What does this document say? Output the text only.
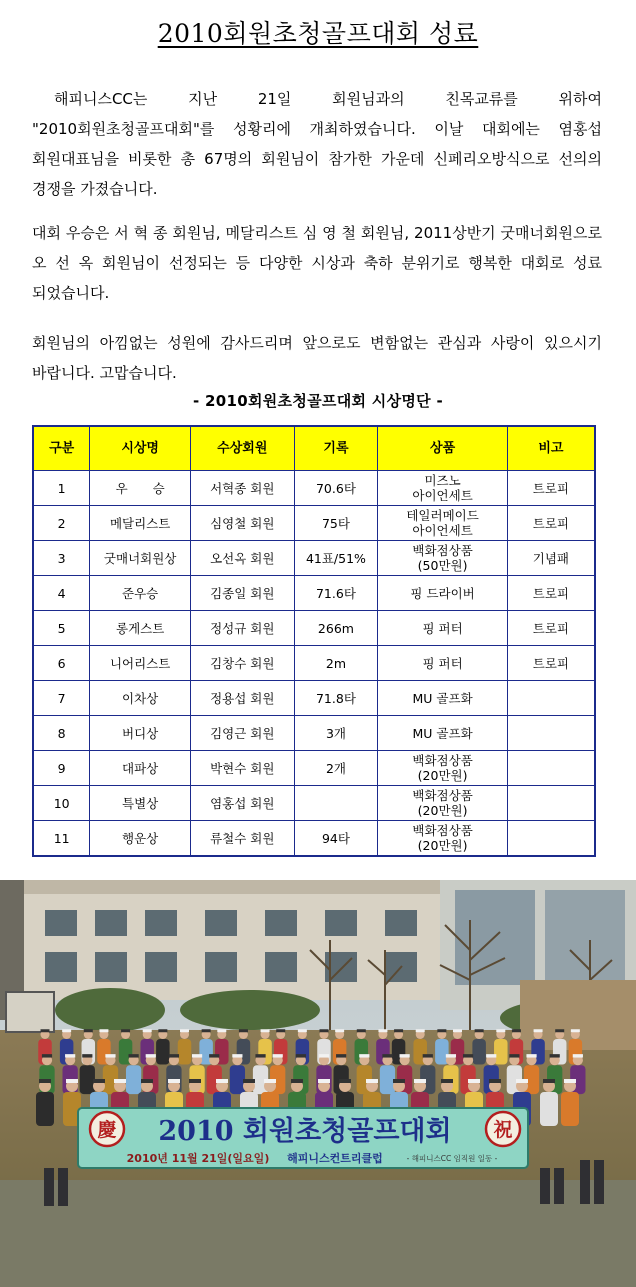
2010회원초청골프대회 성료
해피니스CC는 지난 21일 회원님과의 친목교류를 위하여 "2010회원초청골프대회"를 성황리에 개최하였습니다. 이날 대회에는 염홍섭 회원대표님을 비롯한 총 67명의 회원님이 참가한 가운데 신페리오방식으로 선의의 경쟁을 가졌습니다.
대회 우승은 서 혁 종 회원님, 메달리스트 심 영 철 회원님, 2011상반기 굿매너회원으로 오 선 옥 회원님이 선정되는 등 다양한 시상과 축하 분위기로 행복한 대회로 성료 되었습니다.
회원님의 아낌없는 성원에 감사드리며 앞으로도 변함없는 관심과 사랑이 있으시기 바랍니다. 고맙습니다.
- 2010회원초청골프대회 시상명단 -
구분	시상명	수상회원	기록	상품	비고
1	우　　승	서혁종 회원	70.6타	미즈노
아이언세트	트로피
2	메달리스트	심영철 회원	75타	테일러메이드
아이언세트	트로피
3	굿매너회원상	오선옥 회원	41표/51%	백화점상품
(50만원)	기념패
4	준우승	김종일 회원	71.6타	핑 드라이버	트로피
5	롱게스트	정성규 회원	266m	핑 퍼터	트로피
6	니어리스트	김창수 회원	2m	핑 퍼터	트로피
7	이차상	정용섭 회원	71.8타	MU 골프화	
8	버디상	김영근 회원	3개	MU 골프화	
9	대파상	박현수 회원	2개	백화점상품
(20만원)	
10	특별상	염홍섭 회원		백화점상품
(20만원)	
11	행운상	류철수 회원	94타	백화점상품
(20만원)	
慶	祝
2010 회원초청골프대회
2010년 11월 21일(일요일) 해피니스컨트리클럽	- 해피니스CC 임직원 일동 -
